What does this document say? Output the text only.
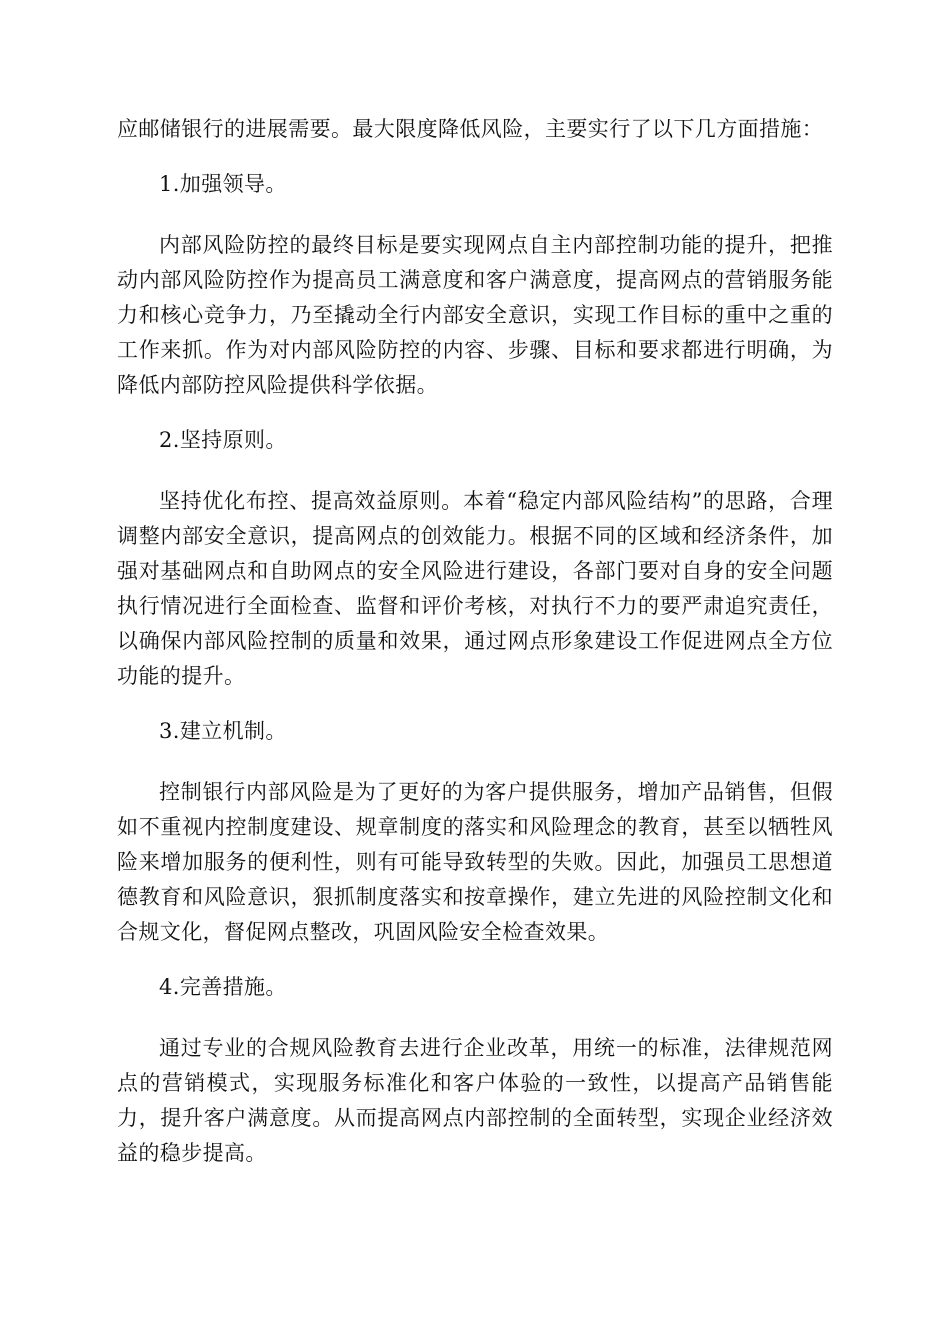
应邮储银行的进展需要。最大限度降低风险，主要实行了以下几方面措施：

1.加强领导。

内部风险防控的最终目标是要实现网点自主内部控制功能的提升，把推动内部风险防控作为提高员工满意度和客户满意度，提高网点的营销服务能力和核心竞争力，乃至撬动全行内部安全意识，实现工作目标的重中之重的工作来抓。作为对内部风险防控的内容、步骤、目标和要求都进行明确，为降低内部防控风险提供科学依据。

2.坚持原则。

坚持优化布控、提高效益原则。本着“稳定内部风险结构”的思路，合理调整内部安全意识，提高网点的创效能力。根据不同的区域和经济条件，加强对基础网点和自助网点的安全风险进行建设，各部门要对自身的安全问题执行情况进行全面检查、监督和评价考核，对执行不力的要严肃追究责任，以确保内部风险控制的质量和效果，通过网点形象建设工作促进网点全方位功能的提升。

3.建立机制。

控制银行内部风险是为了更好的为客户提供服务，增加产品销售，但假如不重视内控制度建设、规章制度的落实和风险理念的教育，甚至以牺牲风险来增加服务的便利性，则有可能导致转型的失败。因此，加强员工思想道德教育和风险意识，狠抓制度落实和按章操作，建立先进的风险控制文化和合规文化，督促网点整改，巩固风险安全检查效果。

4.完善措施。

通过专业的合规风险教育去进行企业改革，用统一的标准，法律规范网点的营销模式，实现服务标准化和客户体验的一致性，以提高产品销售能力，提升客户满意度。从而提高网点内部控制的全面转型，实现企业经济效益的稳步提高。
